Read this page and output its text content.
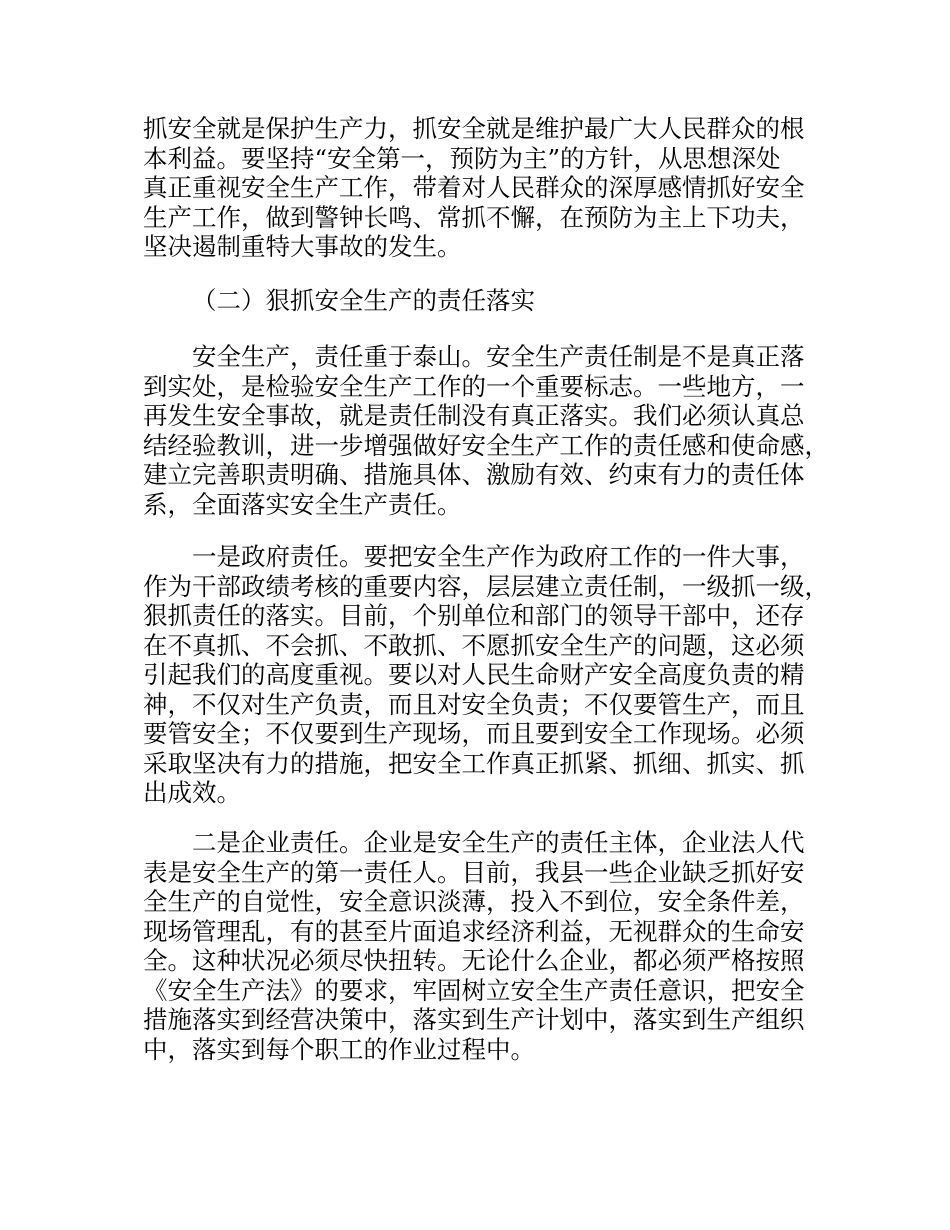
抓安全就是保护生产力，抓安全就是维护最广大人民群众的根
本利益。要坚持“安全第一，预防为主”的方针，从思想深处
真正重视安全生产工作，带着对人民群众的深厚感情抓好安全
生产工作，做到警钟长鸣、常抓不懈，在预防为主上下功夫，
坚决遏制重特大事故的发生。

（二）狠抓安全生产的责任落实

　　安全生产，责任重于泰山。安全生产责任制是不是真正落
到实处，是检验安全生产工作的一个重要标志。一些地方，一
再发生安全事故，就是责任制没有真正落实。我们必须认真总
结经验教训，进一步增强做好安全生产工作的责任感和使命感，
建立完善职责明确、措施具体、激励有效、约束有力的责任体
系，全面落实安全生产责任。

　　一是政府责任。要把安全生产作为政府工作的一件大事，
作为干部政绩考核的重要内容，层层建立责任制，一级抓一级，
狠抓责任的落实。目前，个别单位和部门的领导干部中，还存
在不真抓、不会抓、不敢抓、不愿抓安全生产的问题，这必须
引起我们的高度重视。要以对人民生命财产安全高度负责的精
神，不仅对生产负责，而且对安全负责；不仅要管生产，而且
要管安全；不仅要到生产现场，而且要到安全工作现场。必须
采取坚决有力的措施，把安全工作真正抓紧、抓细、抓实、抓
出成效。

　　二是企业责任。企业是安全生产的责任主体，企业法人代
表是安全生产的第一责任人。目前，我县一些企业缺乏抓好安
全生产的自觉性，安全意识淡薄，投入不到位，安全条件差，
现场管理乱，有的甚至片面追求经济利益，无视群众的生命安
全。这种状况必须尽快扭转。无论什么企业，都必须严格按照
《安全生产法》的要求，牢固树立安全生产责任意识，把安全
措施落实到经营决策中，落实到生产计划中，落实到生产组织
中，落实到每个职工的作业过程中。
